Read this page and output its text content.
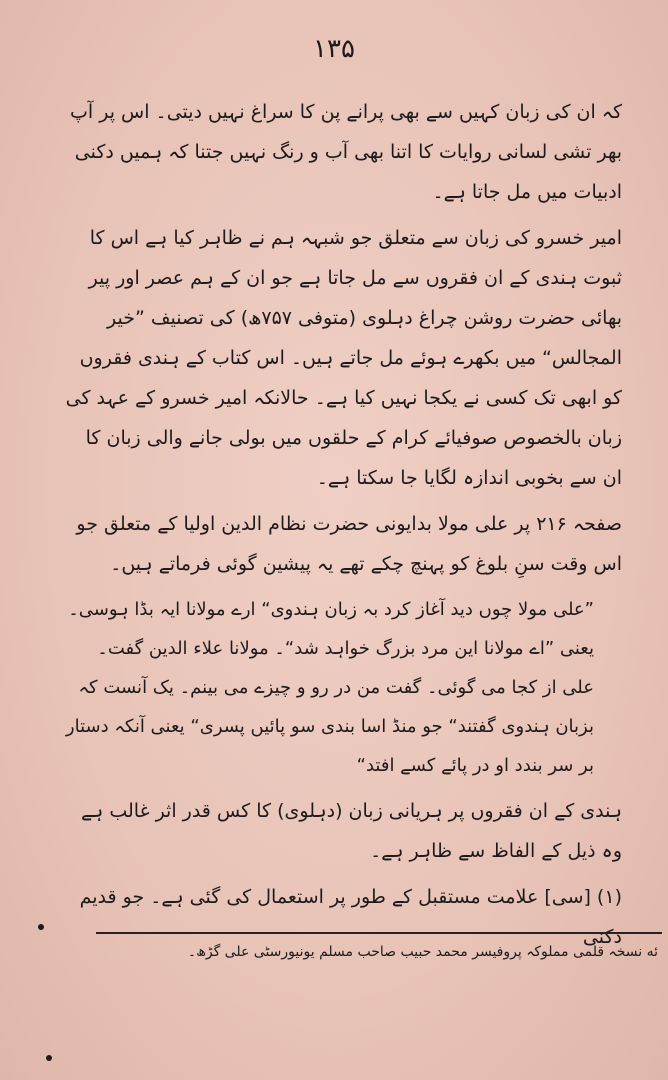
۱۳۵

کہ ان کی زبان کہیں سے بھی پرانے پن کا سراغ نہیں دیتی۔ اس پر آپ بھر تشی لسانی روایات کا اتنا بھی آب و رنگ نہیں جتنا کہ ہمیں دکنی ادبیات میں مل جاتا ہے۔

امیر خسرو کی زبان سے متعلق جو شبہہ ہم نے ظاہر کیا ہے اس کا ثبوت ہندی کے ان فقروں سے مل جاتا ہے جو ان کے ہم عصر اور پیر بھائی حضرت روشن چراغ دہلوی (متوفی ۷۵۷ھ) کی تصنیف ”خیر المجالس“ میں بکھرے ہوئے مل جاتے ہیں۔ اس کتاب کے ہندی فقروں کو ابھی تک کسی نے یکجا نہیں کیا ہے۔ حالانکہ امیر خسرو کے عہد کی زبان بالخصوص صوفیائے کرام کے حلقوں میں بولی جانے والی زبان کا ان سے بخوبی اندازہ لگایا جا سکتا ہے۔

صفحہ ۲۱۶ پر علی مولا بدایونی حضرت نظام الدین اولیا کے متعلق جو اس وقت سنِ بلوغ کو پہنچ چکے تھے یہ پیشین گوئی فرماتے ہیں۔

”علی مولا چوں دید آغاز کرد بہ زبان ہندوی“ ارے مولانا ایہ بڈا ہوسی۔ یعنی ”اے مولانا این مرد بزرگ خواہد شد“۔ مولانا علاء الدین گفت۔ علی از کجا می گوئی۔ گفت من در رو و چیزے می بینم۔ یک آنست کہ بزبان ہندوی گفتند“ جو منڈ اسا بندی سو پائیں پسری“ یعنی آنکہ دستار بر سر بندد او در پائے کسے افتد“

ہندی کے ان فقروں پر ہریانی زبان (دہلوی) کا کس قدر اثر غالب ہے وہ ذیل کے الفاظ سے ظاہر ہے۔

(۱) [سی] علامت مستقبل کے طور پر استعمال کی گئی ہے۔ جو قدیم دکنی

ئه نسخہ قلمی مملوکہ پروفیسر محمد حبیب صاحب مسلم یونیورسٹی علی گڑھ۔
